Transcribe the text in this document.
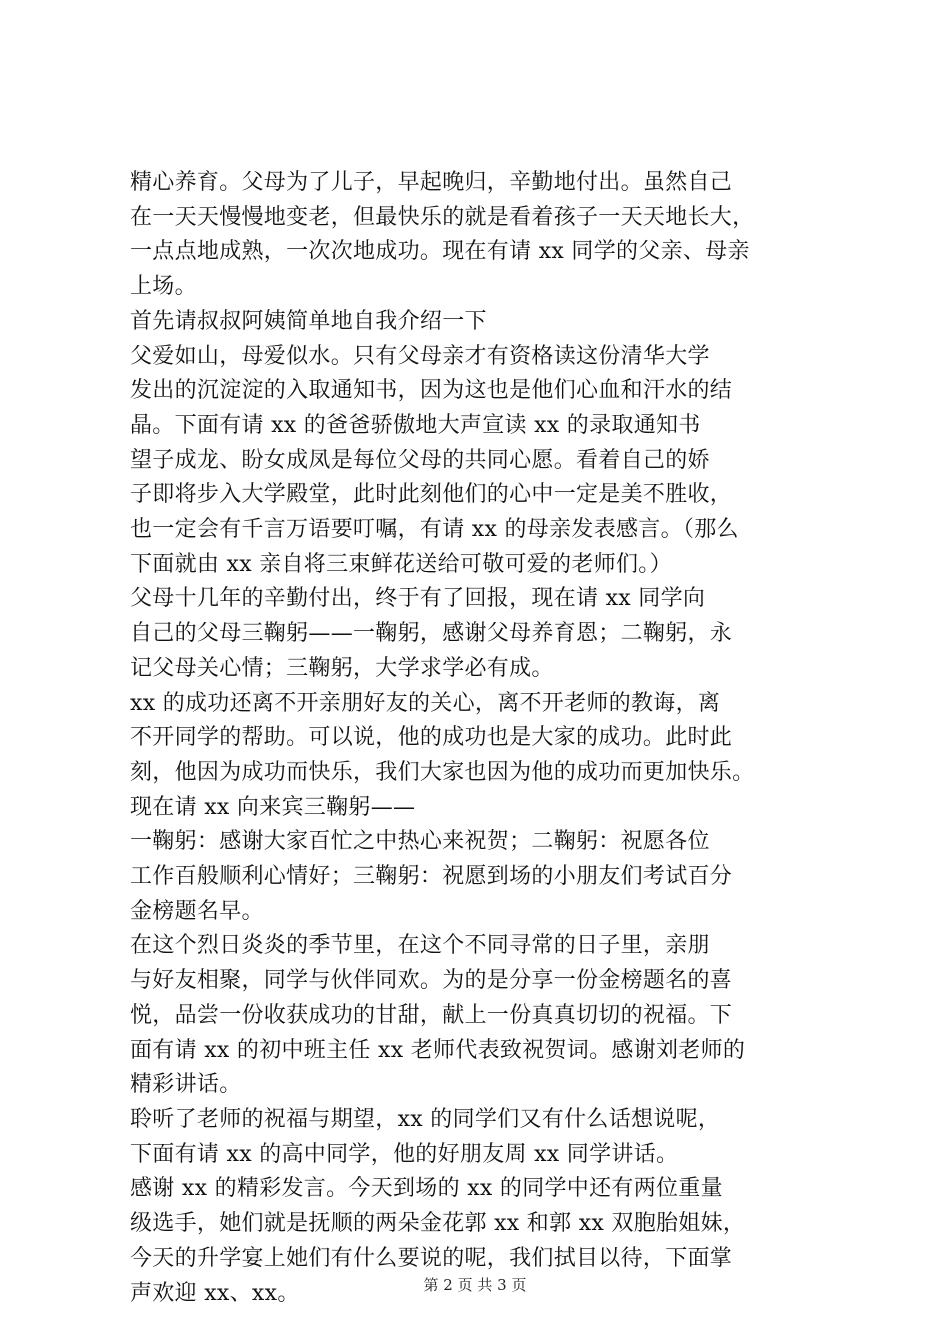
精心养育。父母为了儿子，早起晚归，辛勤地付出。虽然自己
在一天天慢慢地变老，但最快乐的就是看着孩子一天天地长大，
一点点地成熟，一次次地成功。现在有请 xx 同学的父亲、母亲
上场。

首先请叔叔阿姨简单地自我介绍一下

父爱如山，母爱似水。只有父母亲才有资格读这份清华大学
发出的沉淀淀的入取通知书，因为这也是他们心血和汗水的结
晶。下面有请 xx 的爸爸骄傲地大声宣读 xx 的录取通知书

望子成龙、盼女成凤是每位父母的共同心愿。看着自己的娇
子即将步入大学殿堂，此时此刻他们的心中一定是美不胜收，
也一定会有千言万语要叮嘱，有请 xx 的母亲发表感言。（那么
下面就由 xx 亲自将三束鲜花送给可敬可爱的老师们。）

父母十几年的辛勤付出，终于有了回报，现在请 xx 同学向
自己的父母三鞠躬——一鞠躬，感谢父母养育恩；二鞠躬，永
记父母关心情；三鞠躬，大学求学必有成。

xx 的成功还离不开亲朋好友的关心，离不开老师的教诲，离
不开同学的帮助。可以说，他的成功也是大家的成功。此时此
刻，他因为成功而快乐，我们大家也因为他的成功而更加快乐。
现在请 xx 向来宾三鞠躬——

一鞠躬：感谢大家百忙之中热心来祝贺；二鞠躬：祝愿各位
工作百般顺利心情好；三鞠躬：祝愿到场的小朋友们考试百分
金榜题名早。

在这个烈日炎炎的季节里，在这个不同寻常的日子里，亲朋
与好友相聚，同学与伙伴同欢。为的是分享一份金榜题名的喜
悦，品尝一份收获成功的甘甜，献上一份真真切切的祝福。下
面有请 xx 的初中班主任 xx 老师代表致祝贺词。感谢刘老师的
精彩讲话。

聆听了老师的祝福与期望，xx 的同学们又有什么话想说呢，
下面有请 xx 的高中同学，他的好朋友周 xx 同学讲话。

感谢 xx 的精彩发言。今天到场的 xx 的同学中还有两位重量
级选手，她们就是抚顺的两朵金花郭 xx 和郭 xx 双胞胎姐妹，
今天的升学宴上她们有什么要说的呢，我们拭目以待，下面掌
声欢迎 xx、xx。	第 2 页 共 3 页
